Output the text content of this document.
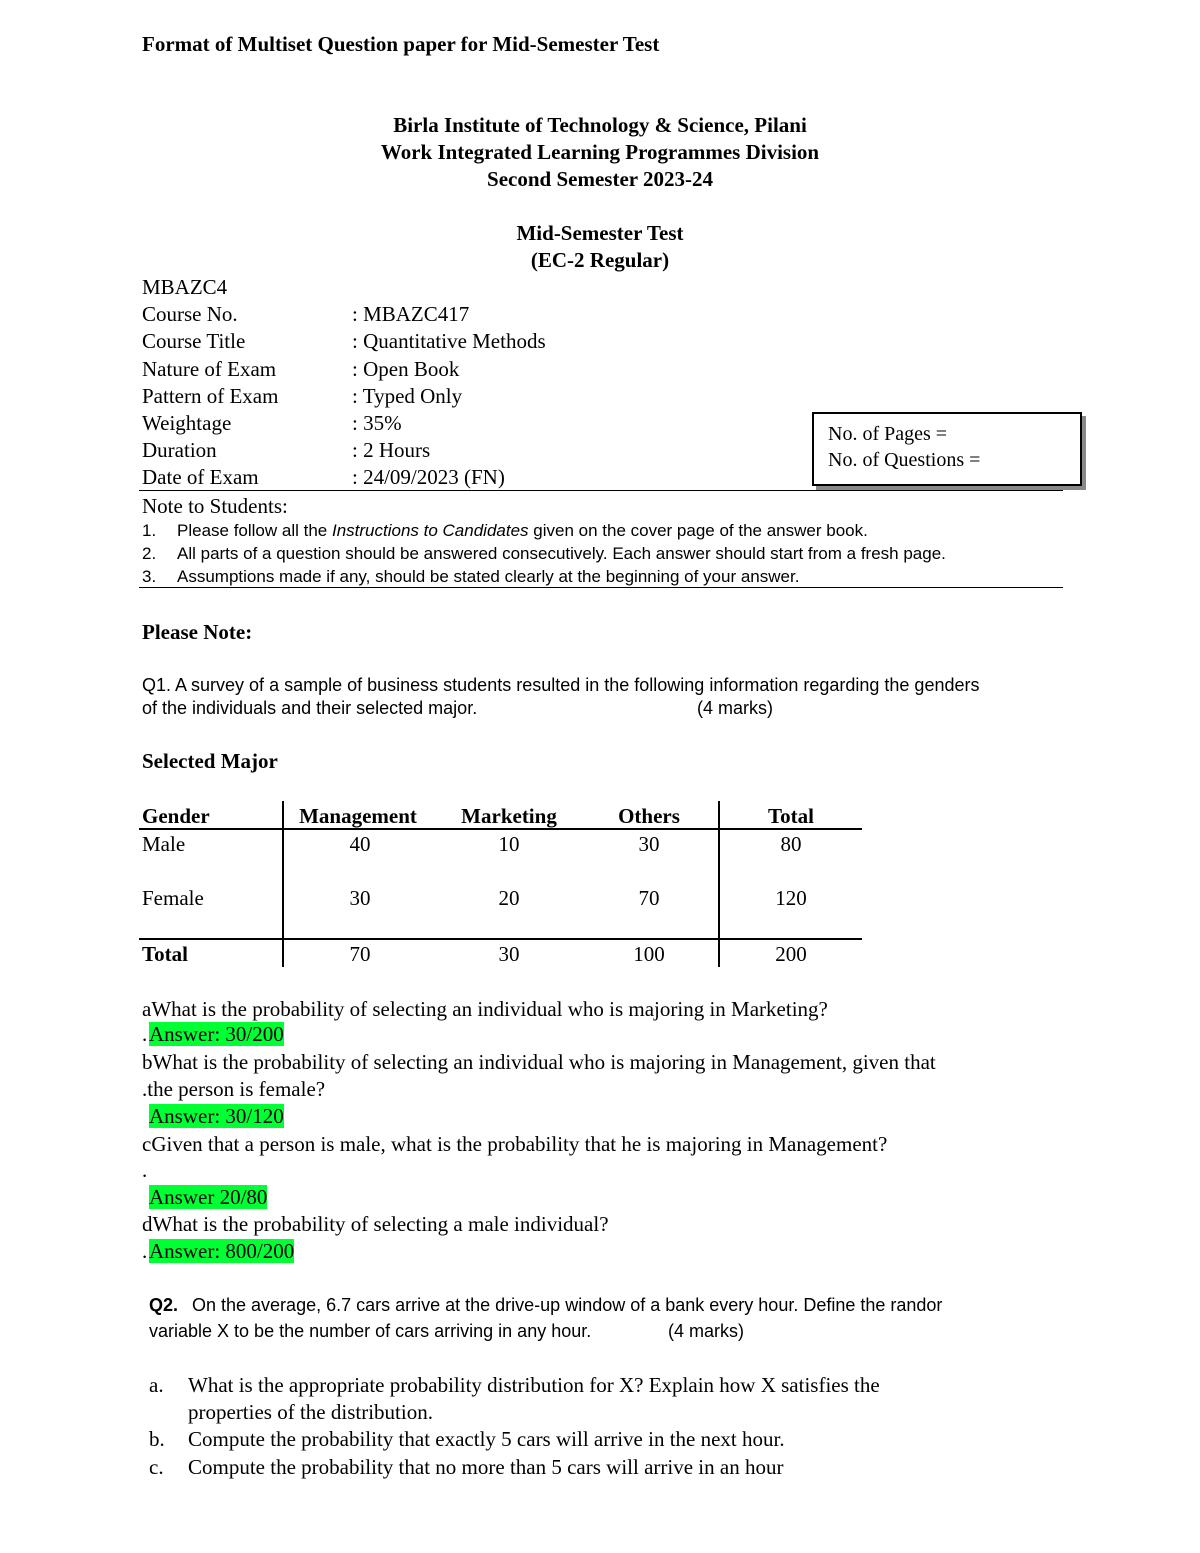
Format of Multiset Question paper for Mid-Semester Test
Birla Institute of Technology & Science, Pilani
Work Integrated Learning Programmes Division
Second Semester 2023-24
Mid-Semester Test
(EC-2 Regular)
MBAZC4
Course No.	: MBAZC417
Course Title	: Quantitative Methods
Nature of Exam	: Open Book
Pattern of Exam	: Typed Only
Weightage	: 35%
Duration	: 2 Hours
Date of Exam	: 24/09/2023 (FN)
No. of Pages =
No. of Questions =
Note to Students:
1. Please follow all the Instructions to Candidates given on the cover page of the answer book.
2. All parts of a question should be answered consecutively. Each answer should start from a fresh page.
3. Assumptions made if any, should be stated clearly at the beginning of your answer.
Please Note:
Q1. A survey of a sample of business students resulted in the following information regarding the genders
of the individuals and their selected major.	(4 marks)
Selected Major
Gender	Management	Marketing	Others	Total
Male	40	10	30	80
Female	30	20	70	120
Total	70	30	100	200
aWhat is the probability of selecting an individual who is majoring in Marketing?
. Answer: 30/200
bWhat is the probability of selecting an individual who is majoring in Management, given that
.the person is female?
Answer: 30/120
cGiven that a person is male, what is the probability that he is majoring in Management?
.
Answer 20/80
dWhat is the probability of selecting a male individual?
. Answer: 800/200
Q2. On the average, 6.7 cars arrive at the drive-up window of a bank every hour. Define the randor
variable X to be the number of cars arriving in any hour.	(4 marks)
a. What is the appropriate probability distribution for X? Explain how X satisfies the
properties of the distribution.
b. Compute the probability that exactly 5 cars will arrive in the next hour.
c. Compute the probability that no more than 5 cars will arrive in an hour
